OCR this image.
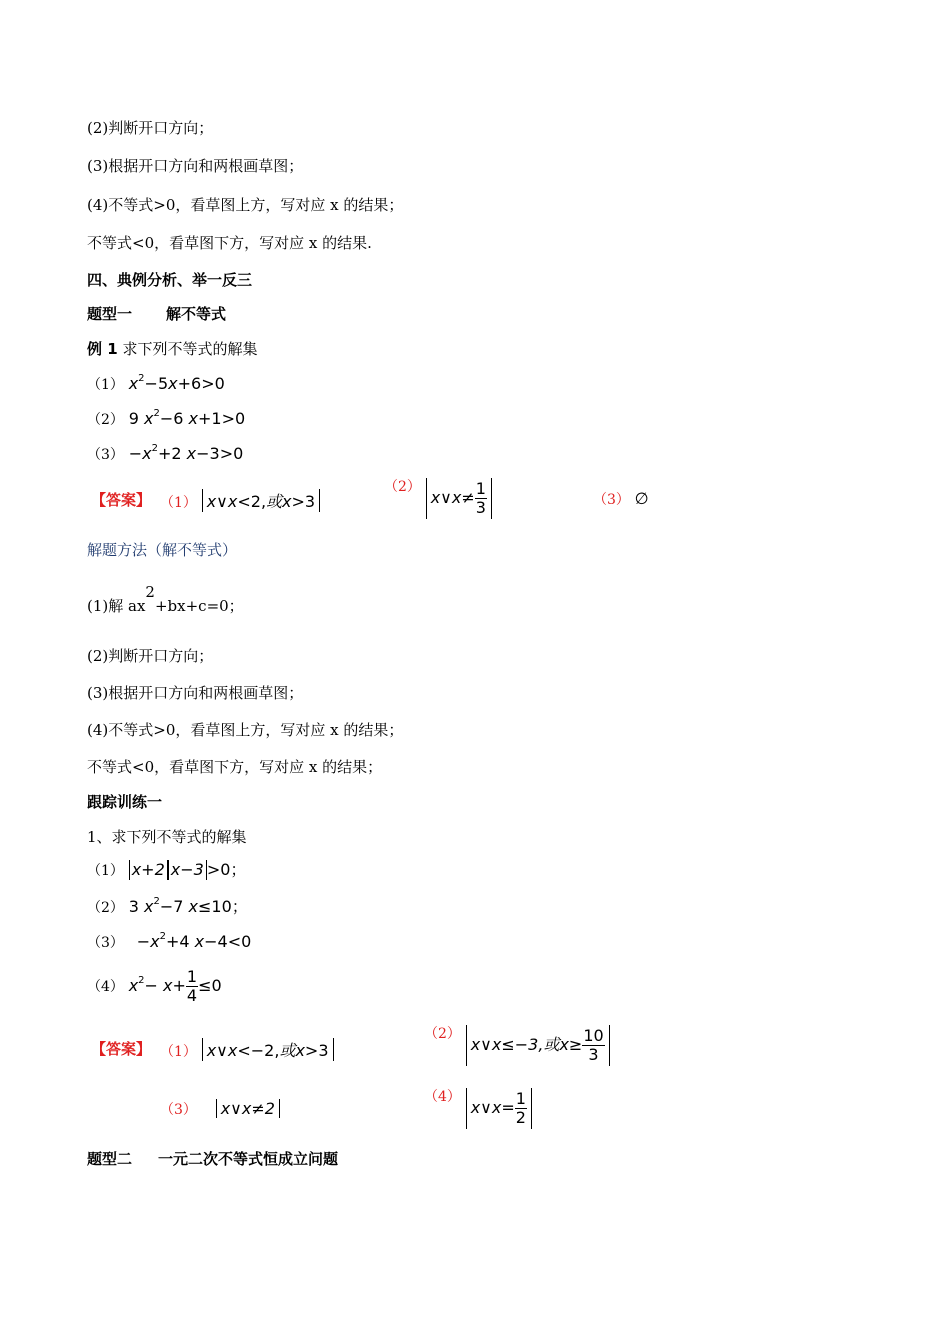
(2)判断开口方向；
(3)根据开口方向和两根画草图；
(4)不等式>0，看草图上方，写对应 x 的结果；
不等式<0，看草图下方，写对应 x 的结果.
四、典例分析、举一反三
题型一 解不等式
例 1 求下列不等式的解集
（1） $x^2-5x+6>0$
（2） 9 $x^2-6$ x+1>0
$(3) -x^2+2$ x−3>0
【答案】 （1） x∨x<2,或x>3
（2） x∨x≠ $\frac{1}{3}$	（3） ∅
解题方法（解不等式）
(1)解 ax2+bx+c=0；
(2)判断开口方向；
(3)根据开口方向和两根画草图；
(4)不等式>0，看草图上方，写对应 x 的结果；
不等式<0，看草图下方，写对应 x 的结果；
跟踪训练一
1、求下列不等式的解集
（1） x+2 x−3 >0；
（2） 3 $x^2-7$ x≤10；
$(3) -x^2+4$ x−4<0
（4） $x^2- x+ \frac{1}{4} \le 0$
【答案】 （1） x∨x<−2,或x>3
（2） x∨x≤−3,或$x\ge \frac{10}{3}$
（3） x∨x≠2
（4） x∨x= $\frac{1}{2}$
题型二 一元二次不等式恒成立问题
